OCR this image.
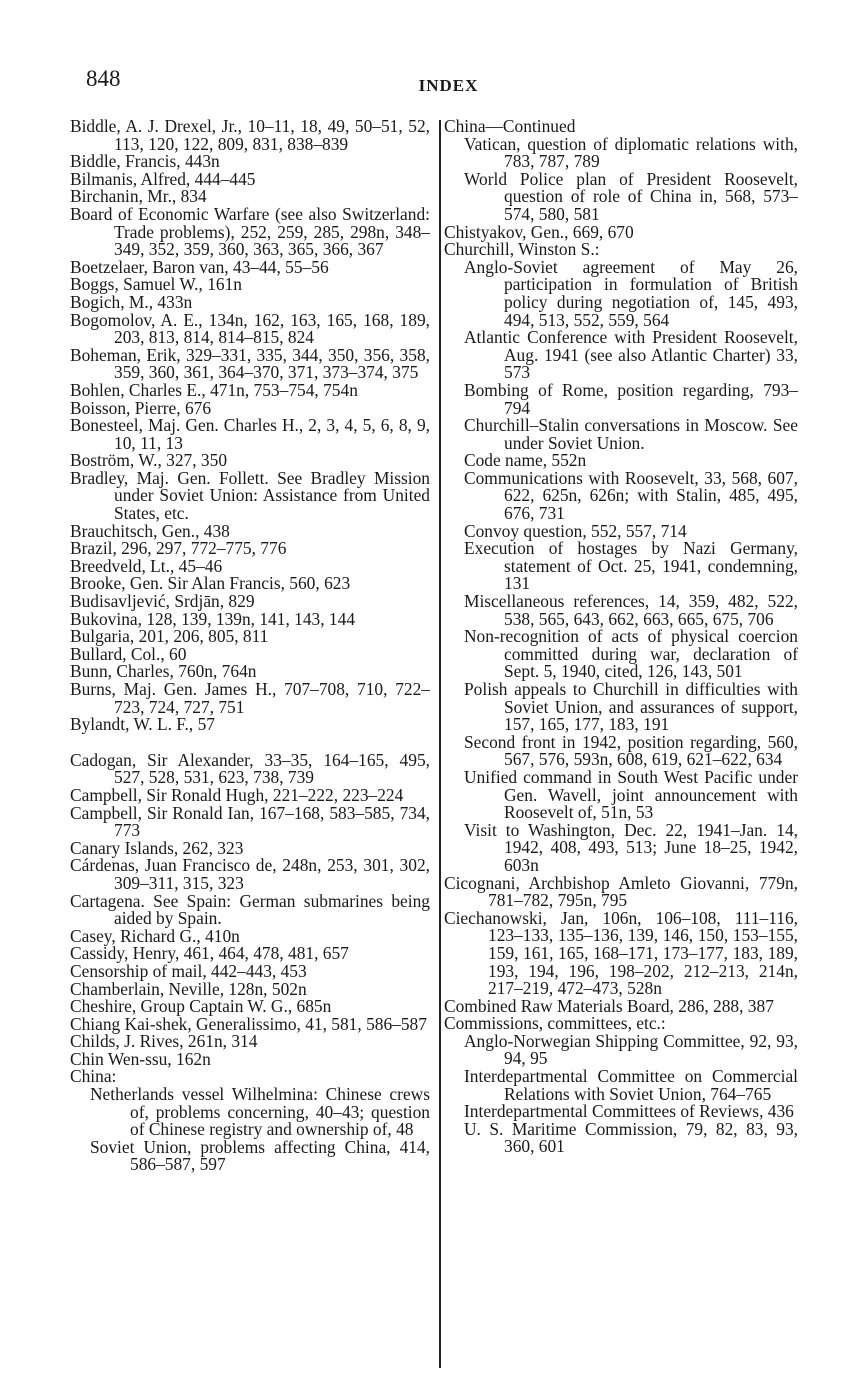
848	INDEX
Biddle, A. J. Drexel, Jr., 10–11, 18, 49, 50–51, 52, 113, 120, 122, 809, 831, 838–839
Biddle, Francis, 443n
Bilmanis, Alfred, 444–445
Birchanin, Mr., 834
Board of Economic Warfare (see also Switzerland: Trade problems), 252, 259, 285, 298n, 348–349, 352, 359, 360, 363, 365, 366, 367
Boetzelaer, Baron van, 43–44, 55–56
Boggs, Samuel W., 161n
Bogich, M., 433n
Bogomolov, A. E., 134n, 162, 163, 165, 168, 189, 203, 813, 814, 814–815, 824
Boheman, Erik, 329–331, 335, 344, 350, 356, 358, 359, 360, 361, 364–370, 371, 373–374, 375
Bohlen, Charles E., 471n, 753–754, 754n
Boisson, Pierre, 676
Bonesteel, Maj. Gen. Charles H., 2, 3, 4, 5, 6, 8, 9, 10, 11, 13
Boström, W., 327, 350
Bradley, Maj. Gen. Follett. See Bradley Mission under Soviet Union: Assistance from United States, etc.
Brauchitsch, Gen., 438
Brazil, 296, 297, 772–775, 776
Breedveld, Lt., 45–46
Brooke, Gen. Sir Alan Francis, 560, 623
Budisavljević, Srdjān, 829
Bukovina, 128, 139, 139n, 141, 143, 144
Bulgaria, 201, 206, 805, 811
Bullard, Col., 60
Bunn, Charles, 760n, 764n
Burns, Maj. Gen. James H., 707–708, 710, 722–723, 724, 727, 751
Bylandt, W. L. F., 57
Cadogan, Sir Alexander, 33–35, 164–165, 495, 527, 528, 531, 623, 738, 739
Campbell, Sir Ronald Hugh, 221–222, 223–224
Campbell, Sir Ronald Ian, 167–168, 583–585, 734, 773
Canary Islands, 262, 323
Cárdenas, Juan Francisco de, 248n, 253, 301, 302, 309–311, 315, 323
Cartagena. See Spain: German submarines being aided by Spain.
Casey, Richard G., 410n
Cassidy, Henry, 461, 464, 478, 481, 657
Censorship of mail, 442–443, 453
Chamberlain, Neville, 128n, 502n
Cheshire, Group Captain W. G., 685n
Chiang Kai-shek, Generalissimo, 41, 581, 586–587
Childs, J. Rives, 261n, 314
Chin Wen-ssu, 162n
China:
Netherlands vessel Wilhelmina: Chinese crews of, problems concerning, 40–43; question of Chinese registry and ownership of, 48
Soviet Union, problems affecting China, 414, 586–587, 597
China—Continued
Vatican, question of diplomatic relations with, 783, 787, 789
World Police plan of President Roosevelt, question of role of China in, 568, 573–574, 580, 581
Chistyakov, Gen., 669, 670
Churchill, Winston S.:
Anglo-Soviet agreement of May 26, participation in formulation of British policy during negotiation of, 145, 493, 494, 513, 552, 559, 564
Atlantic Conference with President Roosevelt, Aug. 1941 (see also Atlantic Charter) 33, 573
Bombing of Rome, position regarding, 793–794
Churchill–Stalin conversations in Moscow. See under Soviet Union.
Code name, 552n
Communications with Roosevelt, 33, 568, 607, 622, 625n, 626n; with Stalin, 485, 495, 676, 731
Convoy question, 552, 557, 714
Execution of hostages by Nazi Germany, statement of Oct. 25, 1941, condemning, 131
Miscellaneous references, 14, 359, 482, 522, 538, 565, 643, 662, 663, 665, 675, 706
Non-recognition of acts of physical coercion committed during war, declaration of Sept. 5, 1940, cited, 126, 143, 501
Polish appeals to Churchill in difficulties with Soviet Union, and assurances of support, 157, 165, 177, 183, 191
Second front in 1942, position regarding, 560, 567, 576, 593n, 608, 619, 621–622, 634
Unified command in South West Pacific under Gen. Wavell, joint announcement with Roosevelt of, 51n, 53
Visit to Washington, Dec. 22, 1941–Jan. 14, 1942, 408, 493, 513; June 18–25, 1942, 603n
Cicognani, Archbishop Amleto Giovanni, 779n, 781–782, 795n, 795
Ciechanowski, Jan, 106n, 106–108, 111–116, 123–133, 135–136, 139, 146, 150, 153–155, 159, 161, 165, 168–171, 173–177, 183, 189, 193, 194, 196, 198–202, 212–213, 214n, 217–219, 472–473, 528n
Combined Raw Materials Board, 286, 288, 387
Commissions, committees, etc.:
Anglo-Norwegian Shipping Committee, 92, 93, 94, 95
Interdepartmental Committee on Commercial Relations with Soviet Union, 764–765
Interdepartmental Committees of Reviews, 436
U. S. Maritime Commission, 79, 82, 83, 93, 360, 601
